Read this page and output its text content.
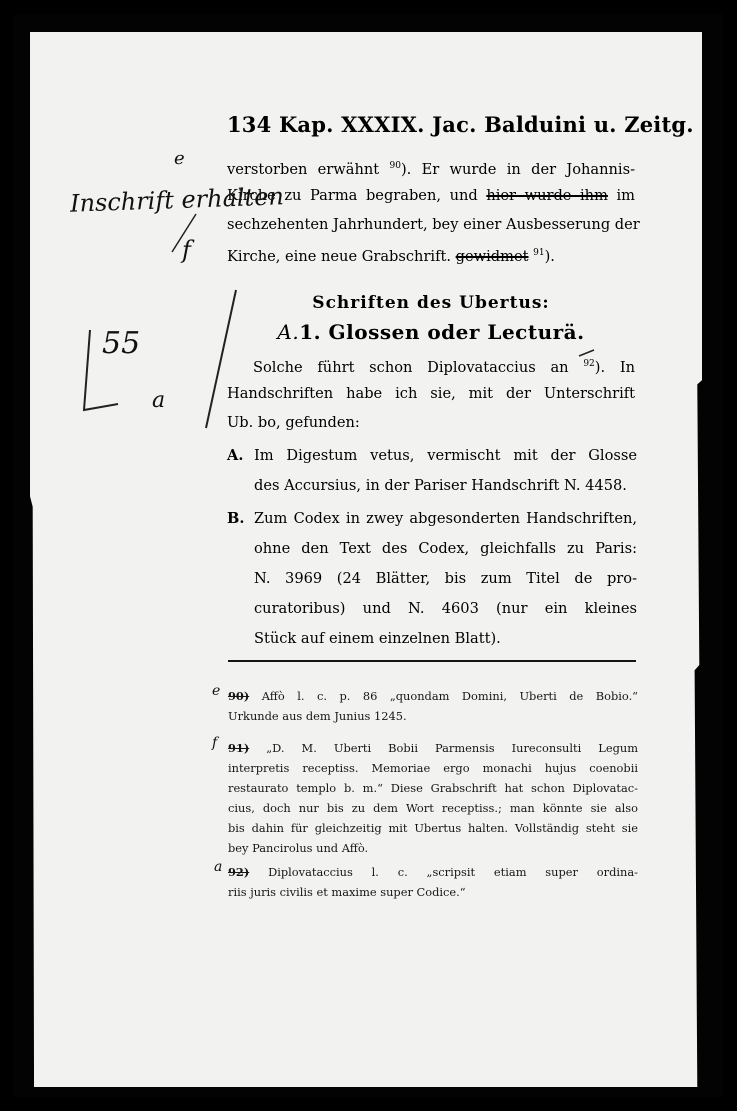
134 Kap. XXXIX. Jac. Balduini u. Zeitg.
verstorben erwähnt $^{90}$). Er wurde in der Johannis-
Kirche zu Parma begraben, und hier wurde ihm im
sechzehenten Jahrhundert, bey einer Ausbesserung der
Kirche, eine neue Grabschrift. gewidmet $^{91}$).
Schriften des Ubertus:
A.1. Glossen oder Lecturä.
Solche führt schon Diplovataccius an $^{92}$). In
Handschriften habe ich sie, mit der Unterschrift
Ub. bo, gefunden:
A. Im Digestum vetus, vermischt mit der Glosse
des Accursius, in der Pariser Handschrift N. 4458.
B. Zum Codex in zwey abgesonderten Handschriften,
ohne den Text des Codex, gleichfalls zu Paris:
N. 3969 (24 Blätter, bis zum Titel de pro-
curatoribus) und N. 4603 (nur ein kleines
Stück auf einem einzelnen Blatt).
90) Affò l. c. p. 86 „quondam Domini, Uberti de Bobio.“
Urkunde aus dem Junius 1245.
91) „D. M. Uberti Bobii Parmensis Iureconsulti Legum
interpretis receptiss. Memoriae ergo monachi hujus coenobii
restaurato templo b. m.“ Diese Grabschrift hat schon Diplovatac-
cius, doch nur bis zu dem Wort receptiss.; man könnte sie also
bis dahin für gleichzeitig mit Ubertus halten. Vollständig steht sie
bey Pancirolus und Affò.
92) Diplovataccius l. c. „scripsit etiam super ordina-
riis juris civilis et maxime super Codice.“
e
Inschrift erhalten
f
55
a
e
f
a
